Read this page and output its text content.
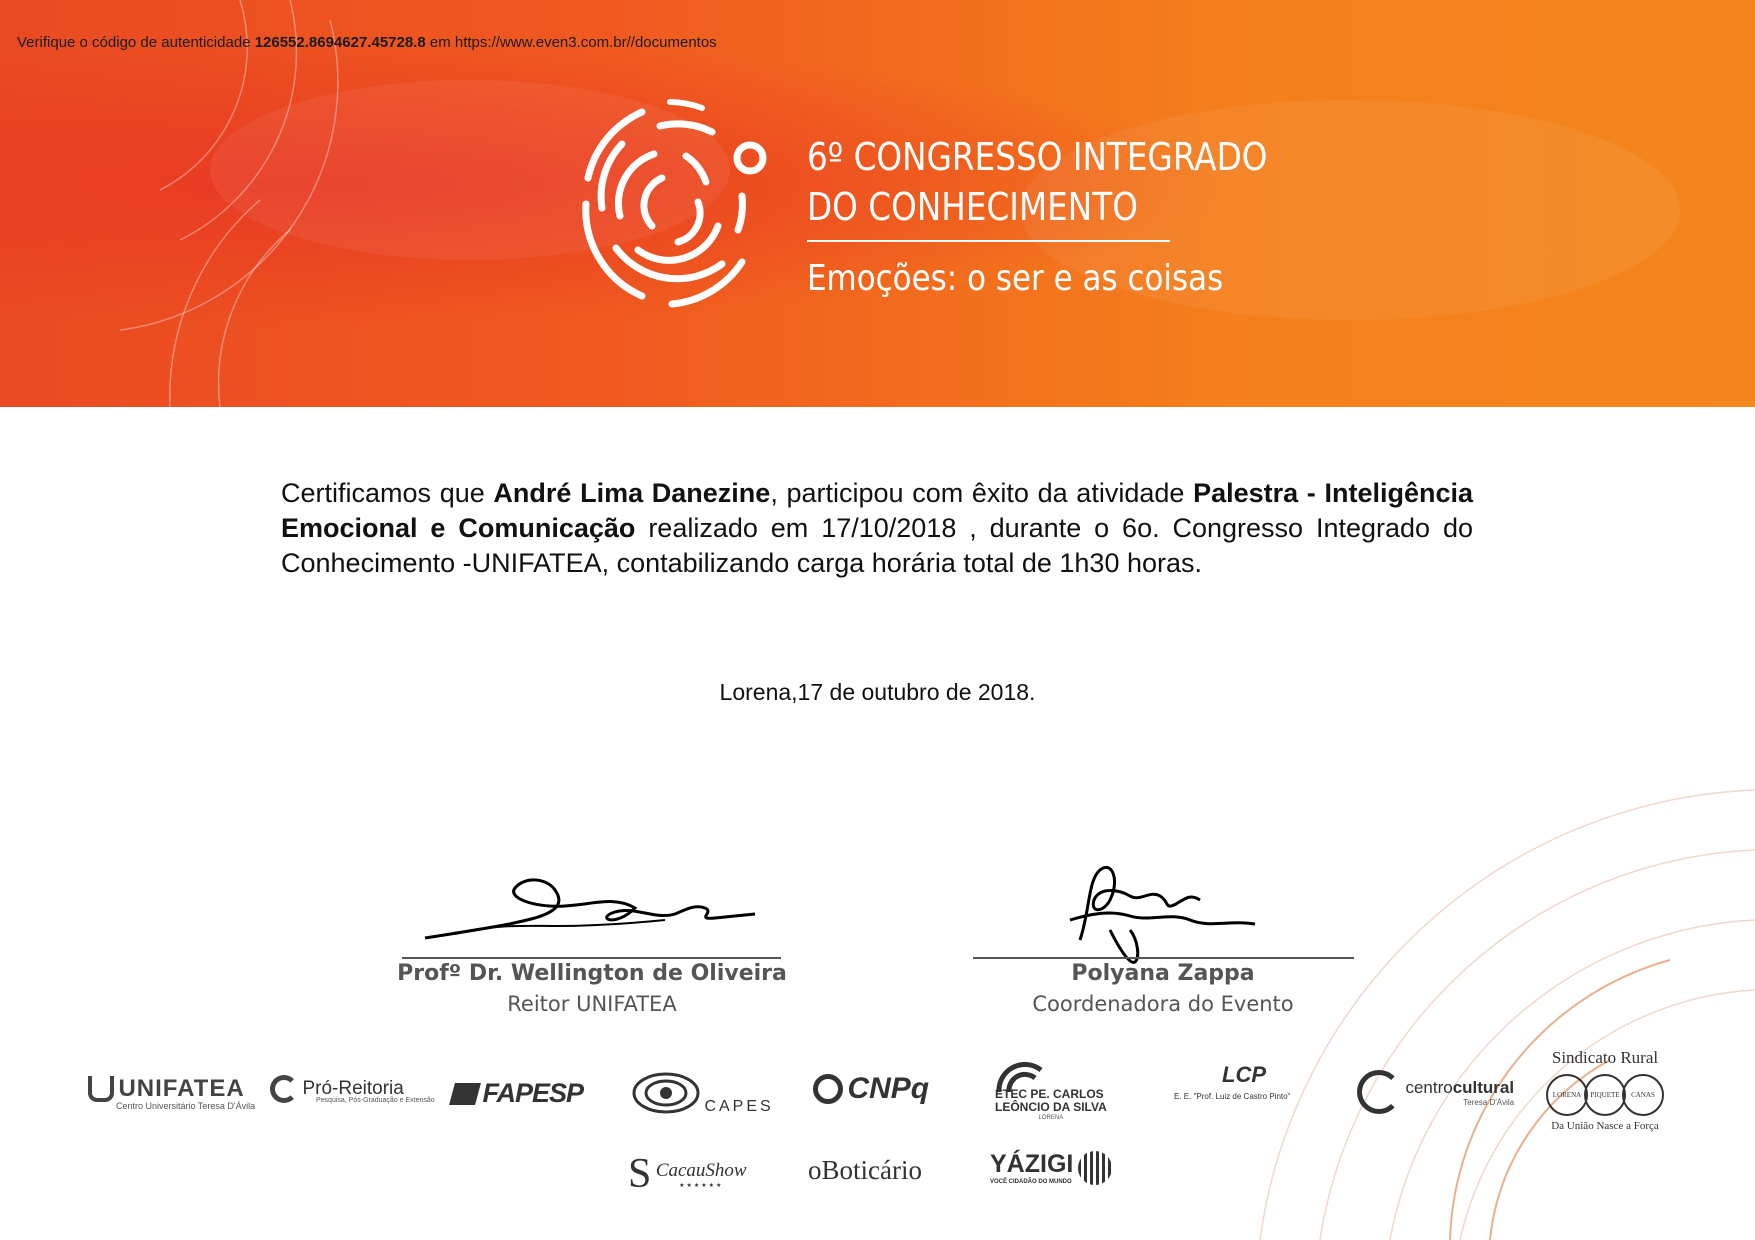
Verifique o código de autenticidade 126552.8694627.45728.8 em https://www.even3.com.br//documentos
6º CONGRESSO INTEGRADO
DO CONHECIMENTO
Emoções: o ser e as coisas
Certificamos que André Lima Danezine, participou com êxito da atividade Palestra - Inteligência Emocional e Comunicação realizado em 17/10/2018 , durante o 6o. Congresso Integrado do Conhecimento -UNIFATEA, contabilizando carga horária total de 1h30 horas.
Lorena,17 de outubro de 2018.
Profº Dr. Wellington de Oliveira
Reitor UNIFATEA
Polyana Zappa
Coordenadora do Evento
UNIFATEA
Centro Universitário Teresa D'Ávila
Pró-Reitoria
Pesquisa, Pós-Graduação e Extensão	FAPESP	CAPES
CNPq	ETEC PE. CARLOS
LEÔNCIO DA SILVA
LORENA
LCP
E. E. "Prof. Luiz de Castro Pinto"	centrocultural
Teresa D'Ávila
Sindicato Rural
LORENA PIQUETE CANAS
Da União Nasce a Força
S CacauShow
★★★★★★
oBoticário	YÁZIGI
VOCÊ CIDADÃO DO MUNDO
